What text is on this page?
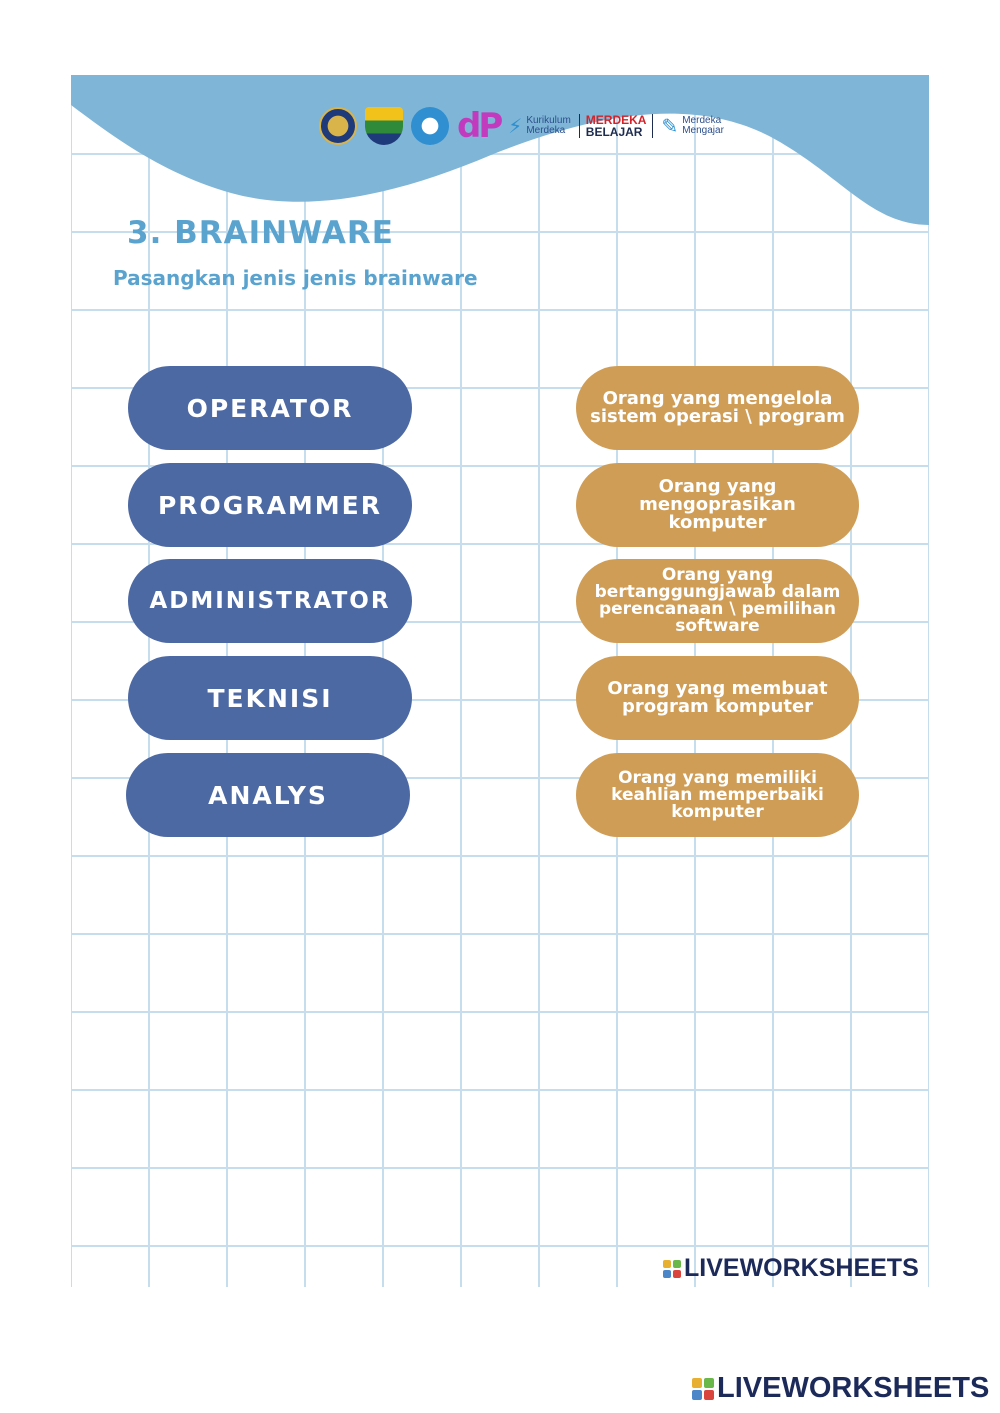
dP ⚡ Kurikulum
Merdeka
MERDEKA
BELAJAR ✎ Merdeka
Mengajar
3. BRAINWARE
Pasangkan jenis jenis brainware
OPERATOR
PROGRAMMER
ADMINISTRATOR
TEKNISI
ANALYS
Orang yang mengelola sistem operasi \ program
Orang yang mengoprasikan komputer
Orang yang bertanggungjawab dalam perencanaan \ pemilihan software
Orang yang membuat program komputer
Orang yang memiliki keahlian memperbaiki komputer
LIVEWORKSHEETS
LIVEWORKSHEETS
